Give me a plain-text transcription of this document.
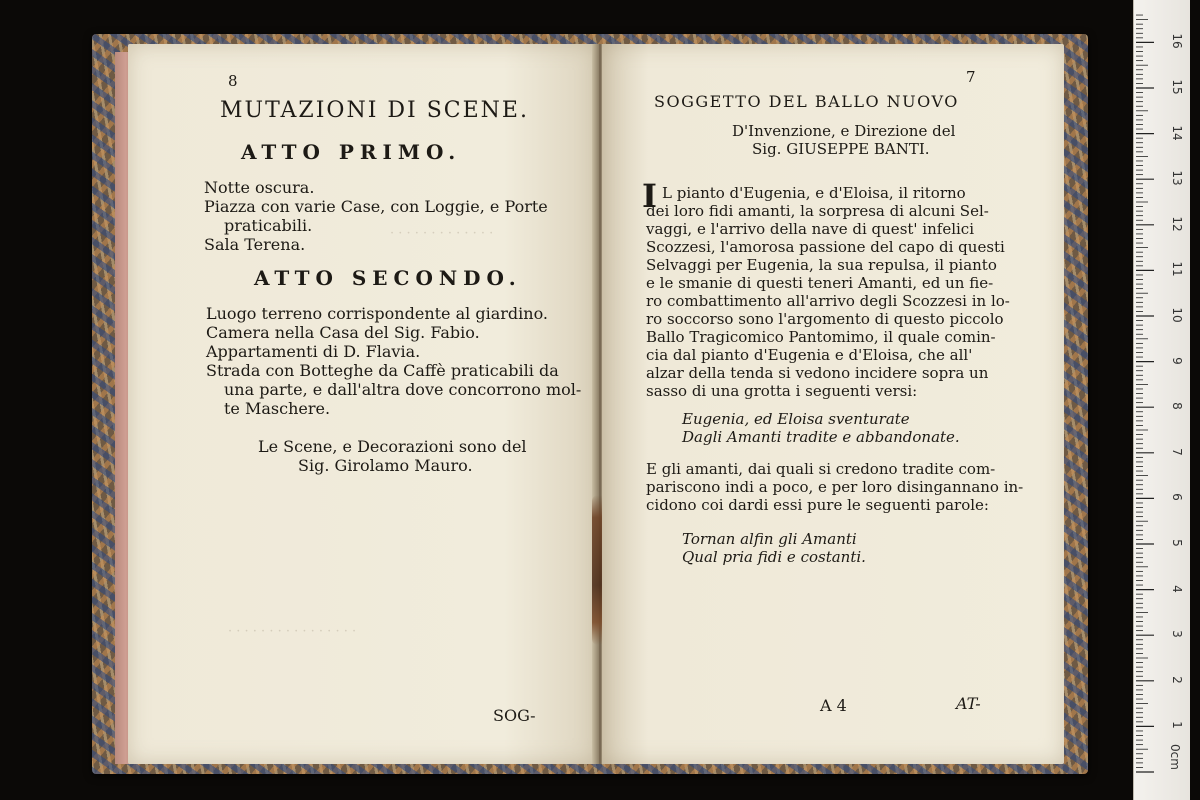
· · · · · · · · · · · · ·
· · · · · · · · · · · · · · · ·
8
MUTAZIONI DI SCENE.
ATTO PRIMO.
Notte oscura.
Piazza con varie Case, con Loggie, e Porte
praticabili.
Sala Terena.
ATTO SECONDO.
Luogo terreno corrispondente al giardino.
Camera nella Casa del Sig. Fabio.
Appartamenti di D. Flavia.
Strada con Botteghe da Caffè praticabili da
una parte, e dall'altra dove concorrono mol-
te Maschere.
Le Scene, e Decorazioni sono del
Sig. Girolamo Mauro.
SOG-
7
SOGGETTO DEL BALLO NUOVO
D'Invenzione, e Direzione del
Sig. GIUSEPPE BANTI.
I L pianto d'Eugenia, e d'Eloisa, il ritorno
dei loro fidi amanti, la sorpresa di alcuni Sel-
vaggi, e l'arrivo della nave di quest' infelici
Scozzesi, l'amorosa passione del capo di questi
Selvaggi per Eugenia, la sua repulsa, il pianto
e le smanie di questi teneri Amanti, ed un fie-
ro combattimento all'arrivo degli Scozzesi in lo-
ro soccorso sono l'argomento di questo piccolo
Ballo Tragicomico Pantomimo, il quale comin-
cia dal pianto d'Eugenia e d'Eloisa, che all'
alzar della tenda si vedono incidere sopra un
sasso di una grotta i seguenti versi:
Eugenia, ed Eloisa sventurate
Dagli Amanti tradite e abbandonate.
E gli amanti, dai quali si credono tradite com-
pariscono indi a poco, e per loro disingannano in-
cidono coi dardi essi pure le seguenti parole:
Tornan alfin gli Amanti
Qual pria fidi e costanti.
A 4	AT-
0cm
1
2
3
4
5
6
7
8
9
10
11
12
13
14
15
16
